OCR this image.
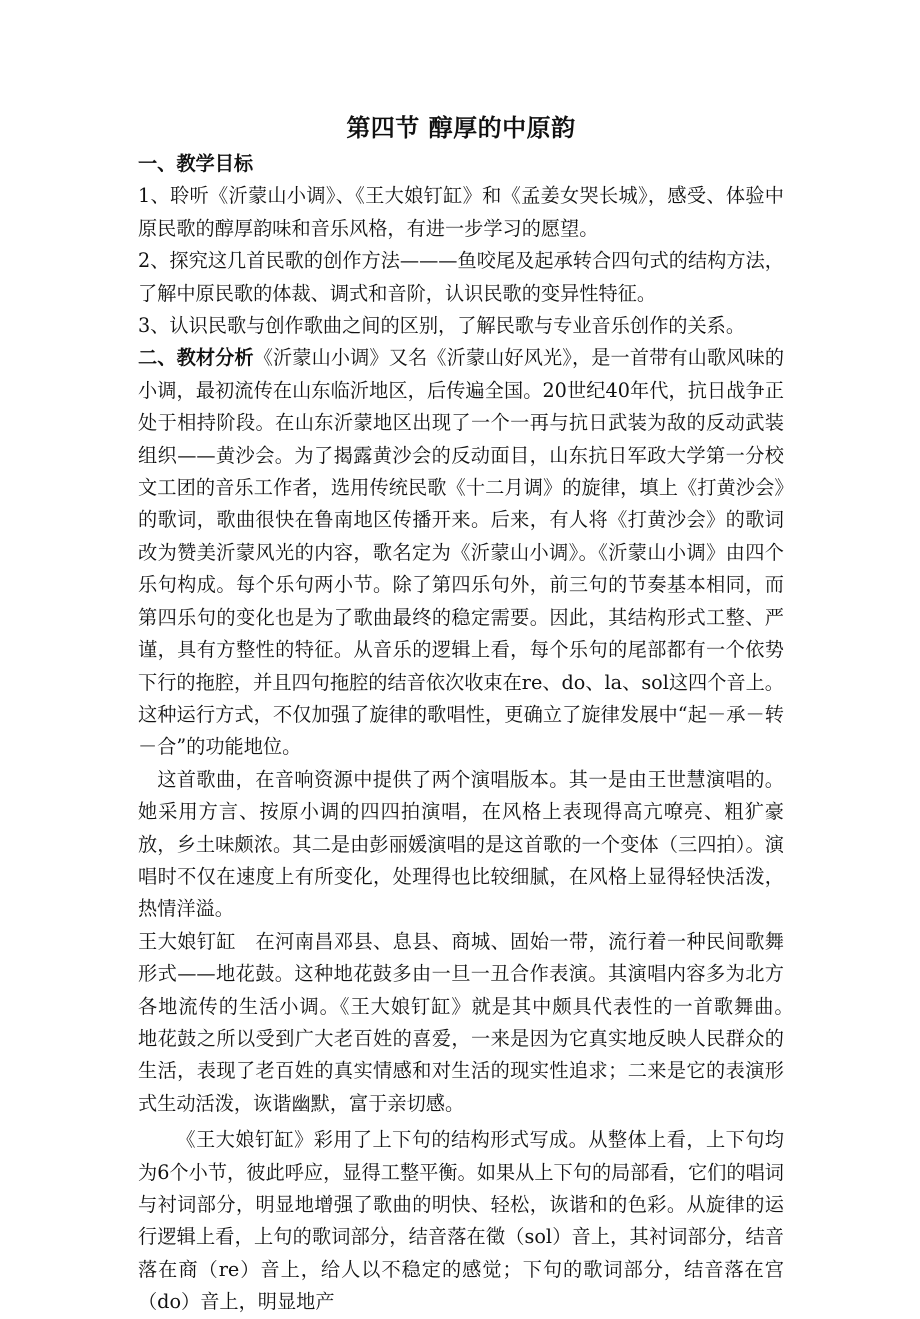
第四节 醇厚的中原韵
一、教学目标

1、聆听《沂蒙山小调》、《王大娘钉缸》和《孟姜女哭长城》，感受、体验中原民歌的醇厚韵味和音乐风格，有进一步学习的愿望。

2、探究这几首民歌的创作方法———鱼咬尾及起承转合四句式的结构方法，了解中原民歌的体裁、调式和音阶，认识民歌的变异性特征。

3、认识民歌与创作歌曲之间的区别，了解民歌与专业音乐创作的关系。

二、教材分析《沂蒙山小调》又名《沂蒙山好风光》，是一首带有山歌风味的小调，最初流传在山东临沂地区，后传遍全国。20世纪40年代，抗日战争正处于相持阶段。在山东沂蒙地区出现了一个一再与抗日武装为敌的反动武装组织——黄沙会。为了揭露黄沙会的反动面目，山东抗日军政大学第一分校文工团的音乐工作者，选用传统民歌《十二月调》的旋律，填上《打黄沙会》的歌词，歌曲很快在鲁南地区传播开来。后来，有人将《打黄沙会》的歌词改为赞美沂蒙风光的内容，歌名定为《沂蒙山小调》。《沂蒙山小调》由四个乐句构成。每个乐句两小节。除了第四乐句外，前三句的节奏基本相同，而第四乐句的变化也是为了歌曲最终的稳定需要。因此，其结构形式工整、严谨，具有方整性的特征。从音乐的逻辑上看，每个乐句的尾部都有一个依势下行的拖腔，并且四句拖腔的结音依次收束在re、do、la、sol这四个音上。这种运行方式，不仅加强了旋律的歌唱性，更确立了旋律发展中“起－承－转－合”的功能地位。

这首歌曲，在音响资源中提供了两个演唱版本。其一是由王世慧演唱的。她采用方言、按原小调的四四拍演唱，在风格上表现得高亢嘹亮、粗犷豪放，乡土味颇浓。其二是由彭丽媛演唱的是这首歌的一个变体（三四拍）。演唱时不仅在速度上有所变化，处理得也比较细腻，在风格上显得轻快活泼，热情洋溢。

王大娘钉缸　在河南昌邓县、息县、商城、固始一带，流行着一种民间歌舞形式——地花鼓。这种地花鼓多由一旦一丑合作表演。其演唱内容多为北方各地流传的生活小调。《王大娘钉缸》就是其中颇具代表性的一首歌舞曲。　地花鼓之所以受到广大老百姓的喜爱，一来是因为它真实地反映人民群众的生活，表现了老百姓的真实情感和对生活的现实性追求；二来是它的表演形式生动活泼，诙谐幽默，富于亲切感。

《王大娘钉缸》彩用了上下句的结构形式写成。从整体上看，上下句均为6个小节，彼此呼应，显得工整平衡。如果从上下句的局部看，它们的唱词与衬词部分，明显地增强了歌曲的明快、轻松，诙谐和的色彩。从旋律的运行逻辑上看，上句的歌词部分，结音落在徵（sol）音上，其衬词部分，结音落在商（re）音上，给人以不稳定的感觉；下句的歌词部分，结音落在宫（do）音上，明显地产
